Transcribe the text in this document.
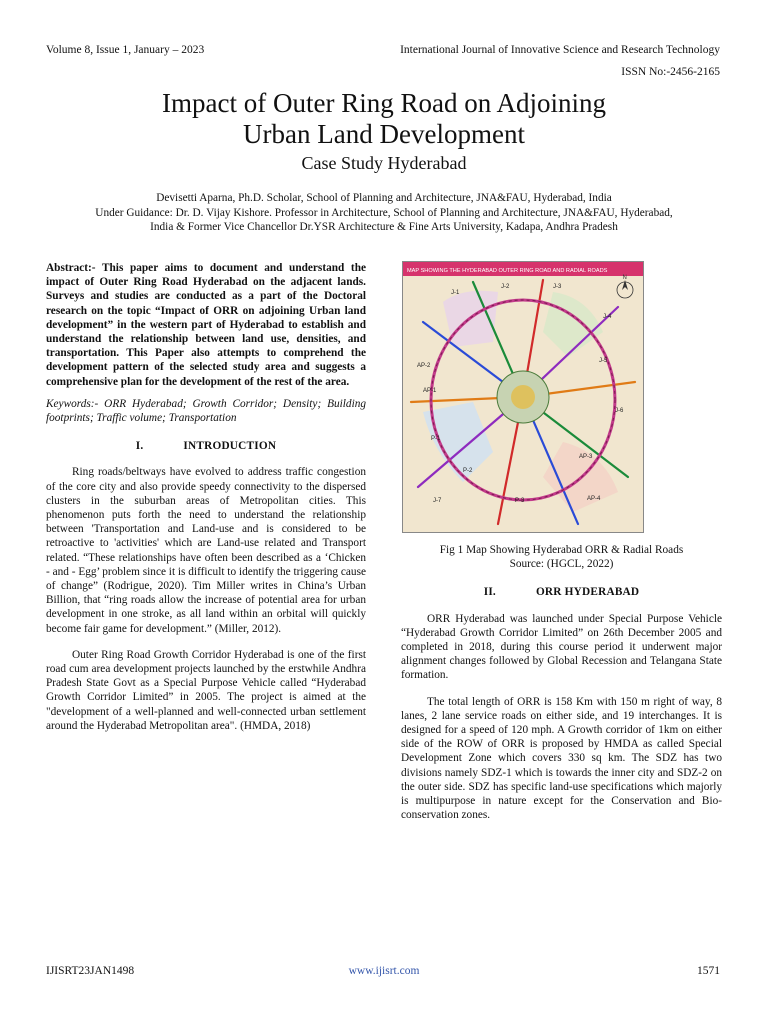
Volume 8, Issue 1, January – 2023	International Journal of Innovative Science and Research Technology
ISSN No:-2456-2165
Impact of Outer Ring Road on Adjoining
Urban Land Development
Case Study Hyderabad
Devisetti Aparna, Ph.D. Scholar, School of Planning and Architecture, JNA&FAU, Hyderabad, India
Under Guidance: Dr. D. Vijay Kishore. Professor in Architecture, School of Planning and Architecture, JNA&FAU, Hyderabad,
India & Former Vice Chancellor Dr.YSR Architecture & Fine Arts University, Kadapa, Andhra Pradesh

Abstract:- This paper aims to document and understand the impact of Outer Ring Road Hyderabad on the adjacent lands. Surveys and studies are conducted as a part of the Doctoral research on the topic “Impact of ORR on adjoining Urban land development” in the western part of Hyderabad to establish and understand the relationship between land use, densities, and transportation. This Paper also attempts to comprehend the development pattern of the selected study area and suggests a comprehensive plan for the development of the rest of the area.

Keywords:- ORR Hyderabad; Growth Corridor; Density; Building footprints; Traffic volume; Transportation

I.	INTRODUCTION

Ring roads/beltways have evolved to address traffic congestion of the core city and also provide speedy connectivity to the dispersed clusters in the suburban areas of Metropolitan cities. This phenomenon puts forth the need to understand the relationship between 'Transportation and Land-use and is considered to be retroactive to 'activities' which are Land-use related and Transport related. “These relationships have often been described as a ‘Chicken - and - Egg’ problem since it is difficult to identify the triggering cause of change” (Rodrigue, 2020). Tim Miller writes in China’s Urban Billion, that “ring roads allow the increase of potential area for urban development in one stroke, as all land within an orbital will quickly become fair game for development.” (Miller, 2012).

Outer Ring Road Growth Corridor Hyderabad is one of the first road cum area development projects launched by the erstwhile Andhra Pradesh State Govt as a Special Purpose Vehicle called “Hyderabad Growth Corridor Limited” in 2005. The project is aimed at the "development of a well-planned and well-connected urban settlement around the Hyderabad Metropolitan area". (HMDA, 2018)

MAP SHOWING THE HYDERABAD OUTER RING ROAD AND RADIAL ROADS
N
J-1
J-2	J-3
J-4
J-5
J-6
AP-2
AP-1
P-1
P-2
P-3
AP-3
AP-4
J-7
Fig 1 Map Showing Hyderabad ORR & Radial Roads
Source: (HGCL, 2022)
II.	ORR HYDERABAD

ORR Hyderabad was launched under Special Purpose Vehicle “Hyderabad Growth Corridor Limited” on 26th December 2005 and completed in 2018, during this course period it underwent major alignment changes followed by Global Recession and Telangana State formation.

The total length of ORR is 158 Km with 150 m right of way, 8 lanes, 2 lane service roads on either side, and 19 interchanges. It is designed for a speed of 120 mph. A Growth corridor of 1km on either side of the ROW of ORR is proposed by HMDA as called Special Development Zone which covers 330 sq km. The SDZ has two divisions namely SDZ-1 which is towards the inner city and SDZ-2 on the outer side. SDZ has specific land-use specifications which majorly is multipurpose in nature except for the Conservation and Bio-conservation zones.

IJISRT23JAN1498	www.ijisrt.com	1571
